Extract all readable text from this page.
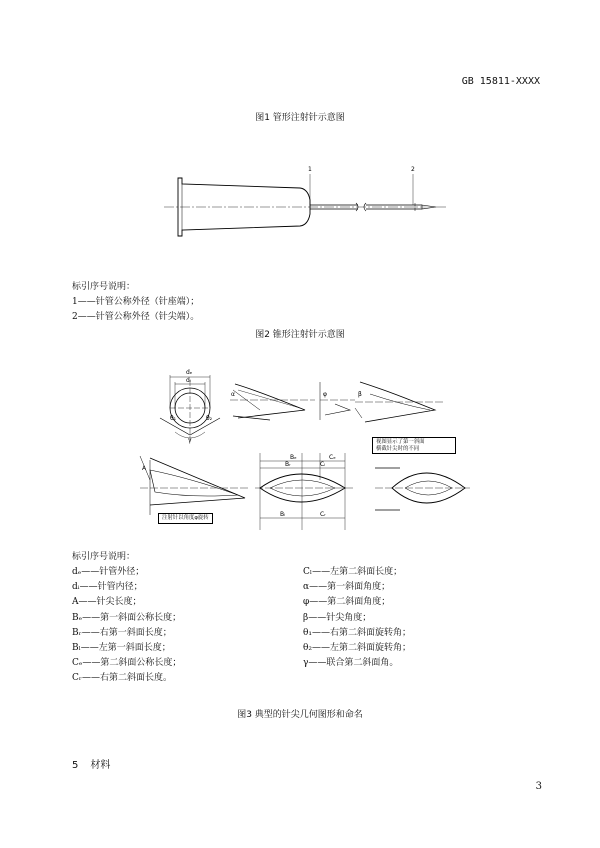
GB 15811-XXXX
图1 管形注射针示意图
1	2
标引序号说明：
1——针管公称外径（针座端）；
2——针管公称外径（针尖端）。
图2 锥形注射针示意图
dₑ
dᵢ
θ₁	θ₂
γ
α	φ	β
A
Bₑ
Bᵣ
Bₗ
Cₑ
Cₗ
Cᵣ
视图显示了第一斜面
横截针尖时的不同
注射针以角度φ旋转
标引序号说明：
dₑ——针管外径；
dᵢ——针管内径；
A——针尖长度；
Bₑ——第一斜面公称长度；
Bᵣ——右第一斜面长度；
Bₗ——左第一斜面长度；
Cₑ——第二斜面公称长度；
Cᵣ——右第二斜面长度。
Cₗ——左第二斜面长度；
α——第一斜面角度；
φ——第二斜面角度；
β——针尖角度；
θ₁——右第二斜面旋转角；
θ₂——左第二斜面旋转角；
γ——联合第二斜面角。
图3 典型的针尖几何图形和命名
5 材料
3
